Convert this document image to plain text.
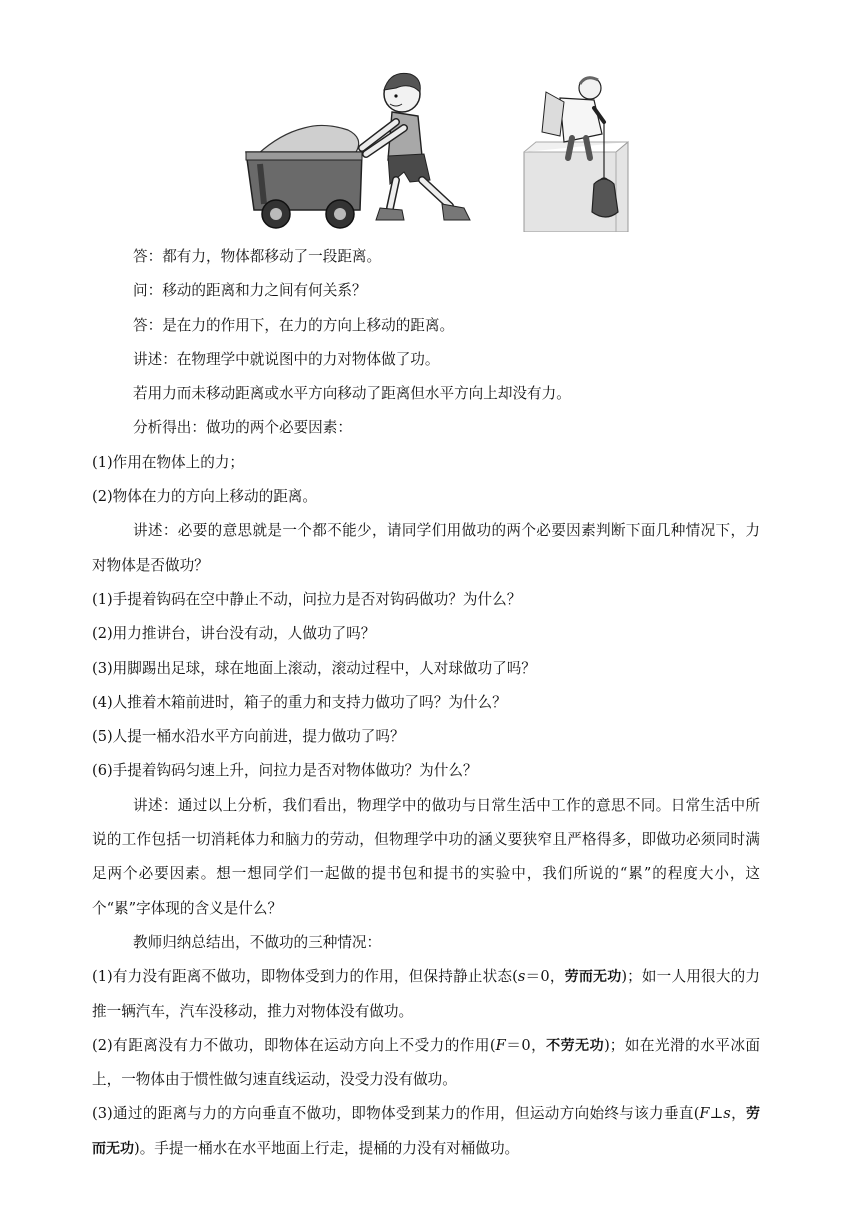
答：都有力，物体都移动了一段距离。

问：移动的距离和力之间有何关系？

答：是在力的作用下，在力的方向上移动的距离。

讲述：在物理学中就说图中的力对物体做了功。

若用力而未移动距离或水平方向移动了距离但水平方向上却没有力。

分析得出：做功的两个必要因素：

(1)作用在物体上的力；

(2)物体在力的方向上移动的距离。

讲述：必要的意思就是一个都不能少，请同学们用做功的两个必要因素判断下面几种情况下，力对物体是否做功？

(1)手提着钩码在空中静止不动，问拉力是否对钩码做功？为什么？

(2)用力推讲台，讲台没有动，人做功了吗？

(3)用脚踢出足球，球在地面上滚动，滚动过程中，人对球做功了吗？

(4)人推着木箱前进时，箱子的重力和支持力做功了吗？为什么？

(5)人提一桶水沿水平方向前进，提力做功了吗？

(6)手提着钩码匀速上升，问拉力是否对物体做功？为什么？

讲述：通过以上分析，我们看出，物理学中的做功与日常生活中工作的意思不同。日常生活中所说的工作包括一切消耗体力和脑力的劳动，但物理学中功的涵义要狭窄且严格得多，即做功必须同时满足两个必要因素。想一想同学们一起做的提书包和提书的实验中，我们所说的“累”的程度大小，这个“累”字体现的含义是什么？

教师归纳总结出，不做功的三种情况：

(1)有力没有距离不做功，即物体受到力的作用，但保持静止状态(s＝0，劳而无功)；如一人用很大的力推一辆汽车，汽车没移动，推力对物体没有做功。

(2)有距离没有力不做功，即物体在运动方向上不受力的作用(F＝0，不劳无功)；如在光滑的水平冰面上，一物体由于惯性做匀速直线运动，没受力没有做功。

(3)通过的距离与力的方向垂直不做功，即物体受到某力的作用，但运动方向始终与该力垂直(F⊥s，劳而无功)。手提一桶水在水平地面上行走，提桶的力没有对桶做功。
